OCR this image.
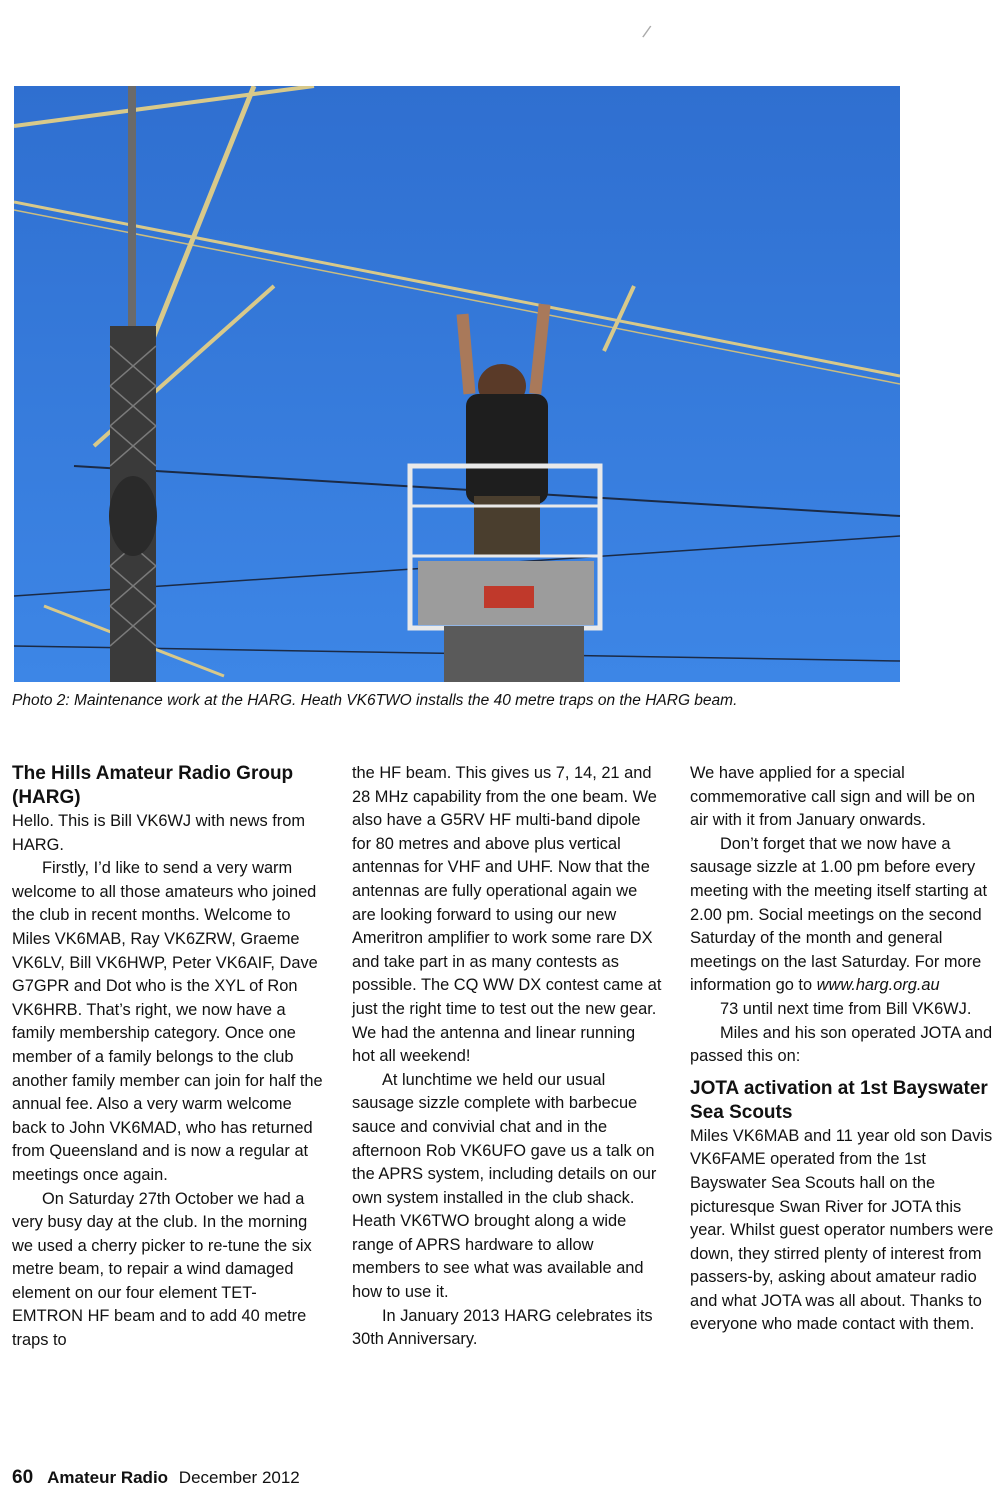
/
Photo 2: Maintenance work at the HARG. Heath VK6TWO installs the 40 metre traps on the HARG beam.
The Hills Amateur Radio Group (HARG)

Hello. This is Bill VK6WJ with news from HARG.

Firstly, I’d like to send a very warm welcome to all those amateurs who joined the club in recent months. Welcome to Miles VK6MAB, Ray VK6ZRW, Graeme VK6LV, Bill VK6HWP, Peter VK6AIF, Dave G7GPR and Dot who is the XYL of Ron VK6HRB. That’s right, we now have a family membership category. Once one member of a family belongs to the club another family member can join for half the annual fee. Also a very warm welcome back to John VK6MAD, who has returned from Queensland and is now a regular at meetings once again.

On Saturday 27th October we had a very busy day at the club. In the morning we used a cherry picker to re-tune the six metre beam, to repair a wind damaged element on our four element TET-EMTRON HF beam and to add 40 metre traps to

the HF beam. This gives us 7, 14, 21 and 28 MHz capability from the one beam. We also have a G5RV HF multi-band dipole for 80 metres and above plus vertical antennas for VHF and UHF. Now that the antennas are fully operational again we are looking forward to using our new Ameritron amplifier to work some rare DX and take part in as many contests as possible. The CQ WW DX contest came at just the right time to test out the new gear. We had the antenna and linear running hot all weekend!

At lunchtime we held our usual sausage sizzle complete with barbecue sauce and convivial chat and in the afternoon Rob VK6UFO gave us a talk on the APRS system, including details on our own system installed in the club shack. Heath VK6TWO brought along a wide range of APRS hardware to allow members to see what was available and how to use it.

In January 2013 HARG celebrates its 30th Anniversary.

We have applied for a special commemorative call sign and will be on air with it from January onwards.

Don’t forget that we now have a sausage sizzle at 1.00 pm before every meeting with the meeting itself starting at 2.00 pm. Social meetings on the second Saturday of the month and general meetings on the last Saturday. For more information go to www.harg.org.au

73 until next time from Bill VK6WJ.

Miles and his son operated JOTA and passed this on:

JOTA activation at 1st Bayswater Sea Scouts

Miles VK6MAB and 11 year old son Davis VK6FAME operated from the 1st Bayswater Sea Scouts hall on the picturesque Swan River for JOTA this year. Whilst guest operator numbers were down, they stirred plenty of interest from passers-by, asking about amateur radio and what JOTA was all about. Thanks to everyone who made contact with them.

60 Amateur Radio December 2012
